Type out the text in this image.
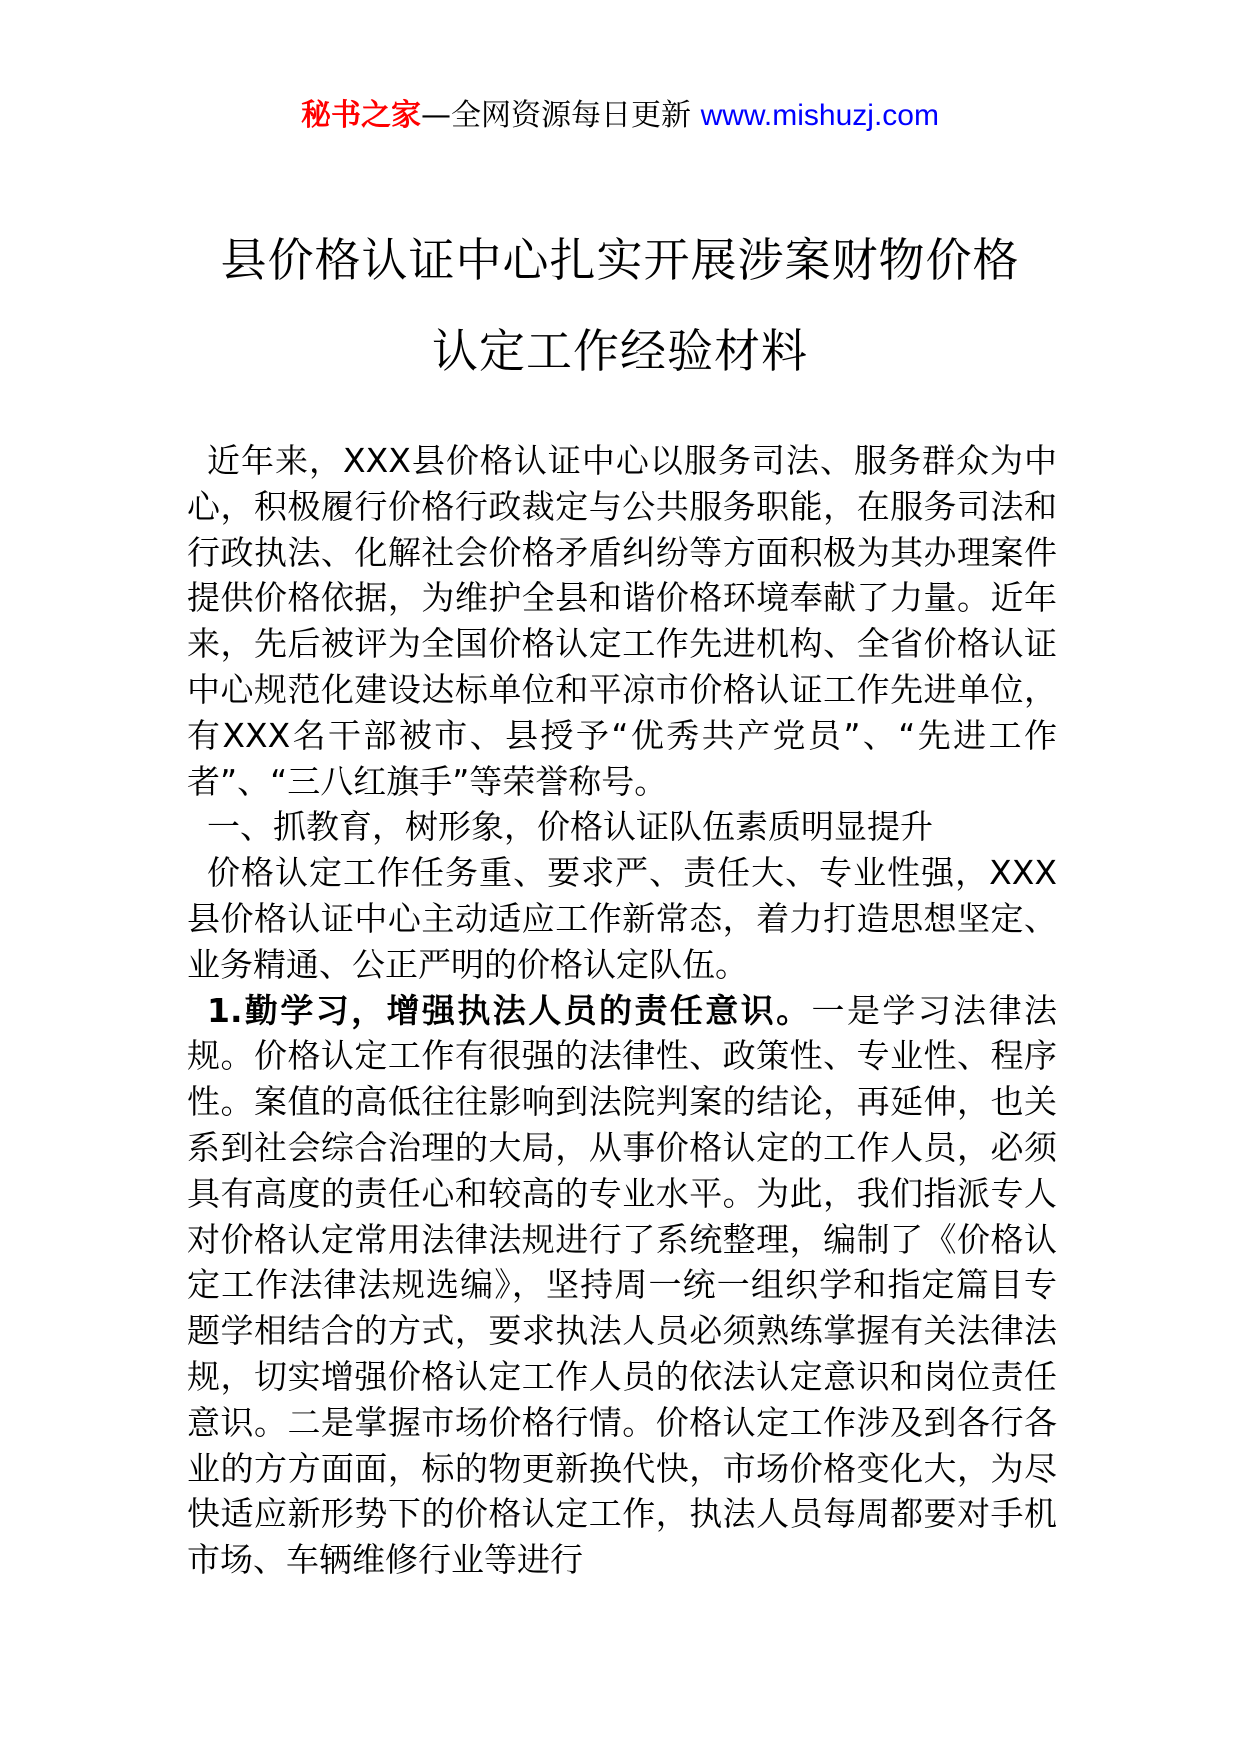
秘书之家—全网资源每日更新 www.mishuzj.com
县价格认证中心扎实开展涉案财物价格
认定工作经验材料

近年来，XXX县价格认证中心以服务司法、服务群众为中心，积极履行价格行政裁定与公共服务职能，在服务司法和行政执法、化解社会价格矛盾纠纷等方面积极为其办理案件提供价格依据，为维护全县和谐价格环境奉献了力量。近年来，先后被评为全国价格认定工作先进机构、全省价格认证中心规范化建设达标单位和平凉市价格认证工作先进单位，有XXX名干部被市、县授予“优秀共产党员”、“先进工作者”、“三八红旗手”等荣誉称号。

一、抓教育，树形象，价格认证队伍素质明显提升

价格认定工作任务重、要求严、责任大、专业性强，XXX县价格认证中心主动适应工作新常态，着力打造思想坚定、业务精通、公正严明的价格认定队伍。

1.勤学习，增强执法人员的责任意识。一是学习法律法规。价格认定工作有很强的法律性、政策性、专业性、程序性。案值的高低往往影响到法院判案的结论，再延伸，也关系到社会综合治理的大局，从事价格认定的工作人员，必须具有高度的责任心和较高的专业水平。为此，我们指派专人对价格认定常用法律法规进行了系统整理，编制了《价格认定工作法律法规选编》，坚持周一统一组织学和指定篇目专题学相结合的方式，要求执法人员必须熟练掌握有关法律法规，切实增强价格认定工作人员的依法认定意识和岗位责任意识。二是掌握市场价格行情。价格认定工作涉及到各行各业的方方面面，标的物更新换代快，市场价格变化大，为尽快适应新形势下的价格认定工作，执法人员每周都要对手机市场、车辆维修行业等进行
